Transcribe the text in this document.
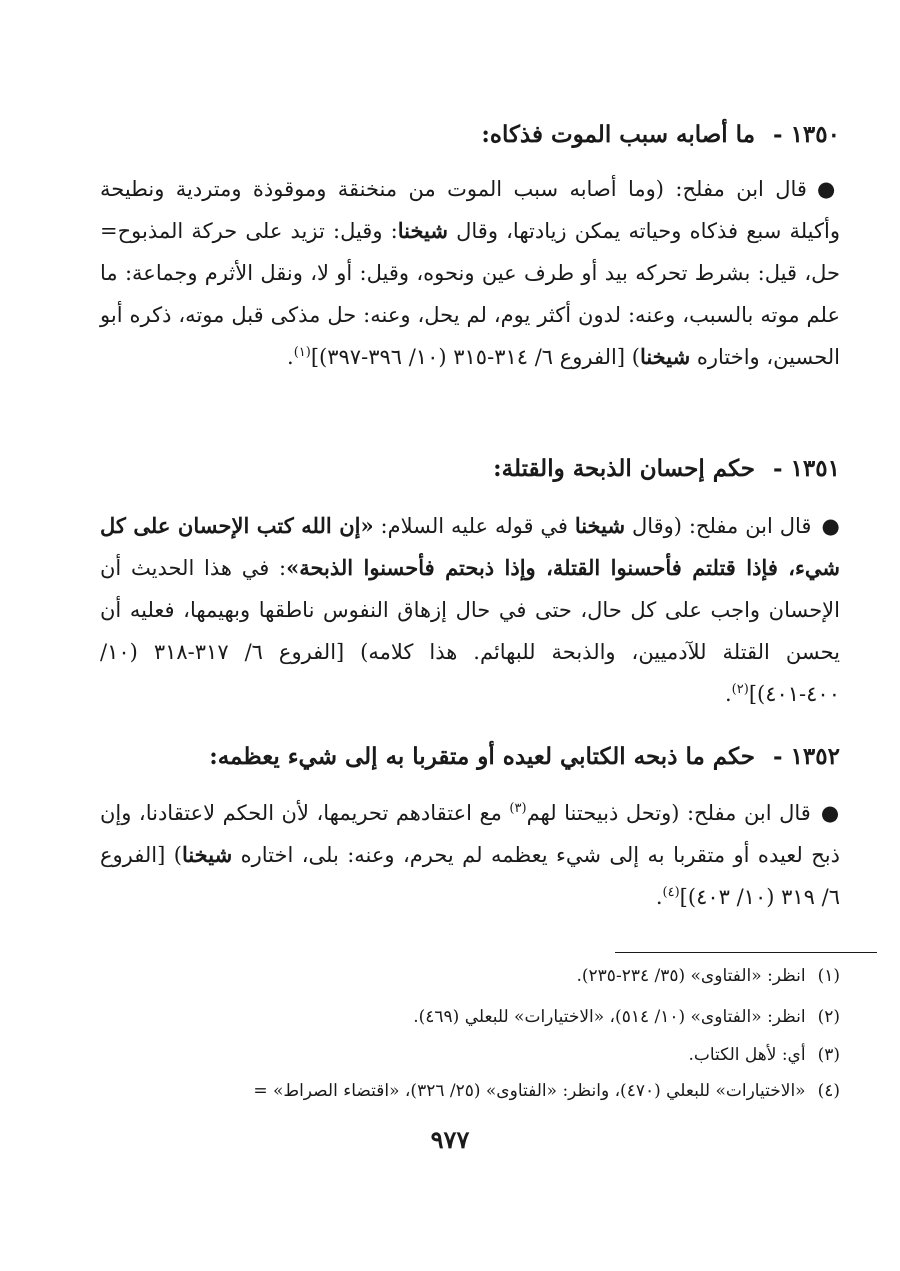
١٣٥٠ -ما أصابه سبب الموت فذكاه:
●قال ابن مفلح: (وما أصابه سبب الموت من منخنقة وموقوذة ومتردية ونطيحة وأكيلة سبع فذكاه وحياته يمكن زيادتها، وقال شيخنا: وقيل: تزيد على حركة المذبوح= حل، قيل: بشرط تحركه بيد أو طرف عين ونحوه، وقيل: أو لا، ونقل الأثرم وجماعة: ما علم موته بالسبب، وعنه: لدون أكثر يوم، لم يحل، وعنه: حل مذكى قبل موته، ذكره أبو الحسين، واختاره شيخنا) [الفروع ٦/ ٣١٤-٣١٥ (١٠/ ٣٩٦-٣٩٧)]$^{(١)}$.
١٣٥١ -حكم إحسان الذبحة والقتلة:
●قال ابن مفلح: (وقال شيخنا في قوله عليه السلام: «إن الله كتب الإحسان على كل شيء، فإذا قتلتم فأحسنوا القتلة، وإذا ذبحتم فأحسنوا الذبحة»: في هذا الحديث أن الإحسان واجب على كل حال، حتى في حال إزهاق النفوس ناطقها وبهيمها، فعليه أن يحسن القتلة للآدميين، والذبحة للبهائم. هذا كلامه) [الفروع ٦/ ٣١٧-٣١٨ (١٠/ ٤٠٠-٤٠١)]$^{(٢)}$.
١٣٥٢ -حكم ما ذبحه الكتابي لعيده أو متقربا به إلى شيء يعظمه:
●قال ابن مفلح: (وتحل ذبيحتنا لهم$^{(٣)}$ مع اعتقادهم تحريمها، لأن الحكم لاعتقادنا، وإن ذبح لعيده أو متقربا به إلى شيء يعظمه لم يحرم، وعنه: بلى، اختاره شيخنا) [الفروع ٦/ ٣١٩ (١٠/ ٤٠٣)]$^{(٤)}$.
(١)انظر: «الفتاوى» (٣٥/ ٢٣٤-٢٣٥).
(٢)انظر: «الفتاوى» (١٠/ ٥١٤)، «الاختيارات» للبعلي (٤٦٩).
(٣)أي: لأهل الكتاب.
(٤)«الاختيارات» للبعلي (٤٧٠)، وانظر: «الفتاوى» (٢٥/ ٣٢٦)، «اقتضاء الصراط» =
٩٧٧
